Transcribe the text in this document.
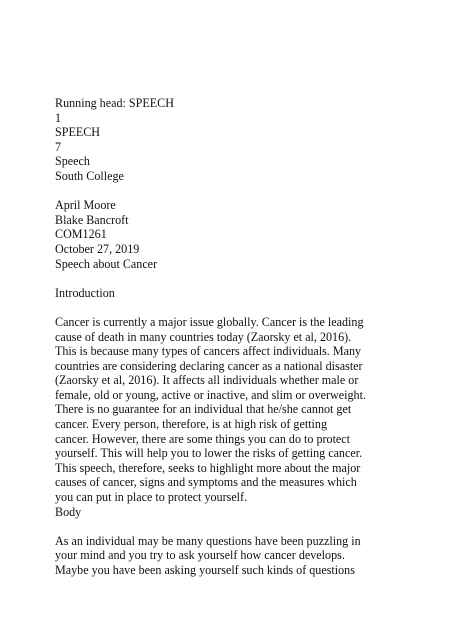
Running head: SPEECH
1
SPEECH
7
Speech
South College
April Moore
Blake Bancroft
COM1261
October 27, 2019
Speech about Cancer
Introduction
Cancer is currently a major issue globally. Cancer is the leading
cause of death in many countries today (Zaorsky et al, 2016).
This is because many types of cancers affect individuals. Many
countries are considering declaring cancer as a national disaster
(Zaorsky et al, 2016). It affects all individuals whether male or
female, old or young, active or inactive, and slim or overweight.
There is no guarantee for an individual that he/she cannot get
cancer. Every person, therefore, is at high risk of getting
cancer. However, there are some things you can do to protect
yourself. This will help you to lower the risks of getting cancer.
This speech, therefore, seeks to highlight more about the major
causes of cancer, signs and symptoms and the measures which
you can put in place to protect yourself.
Body
As an individual may be many questions have been puzzling in
your mind and you try to ask yourself how cancer develops.
Maybe you have been asking yourself such kinds of questions
